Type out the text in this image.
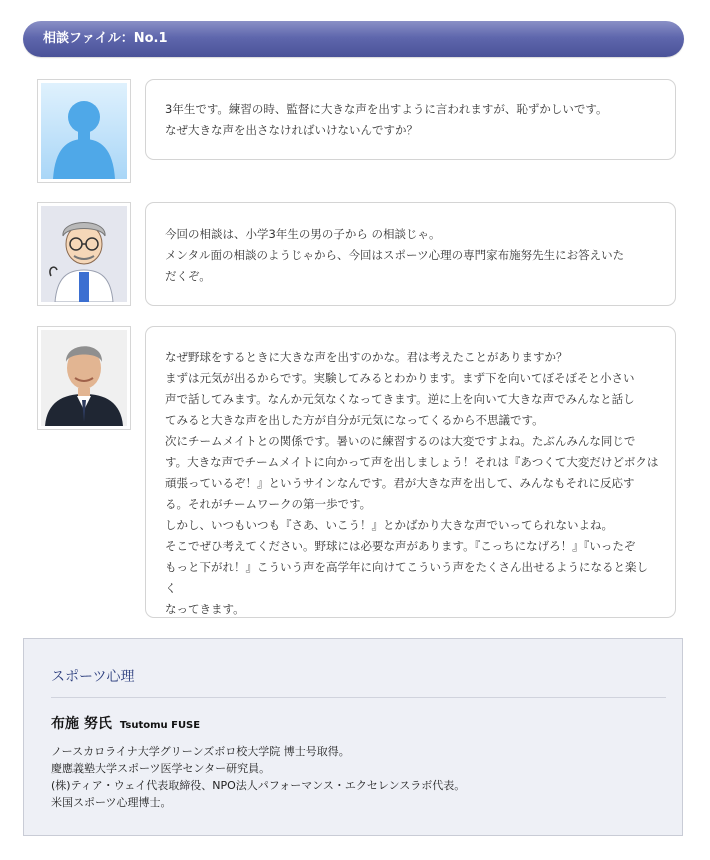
相談ファイル：No.1

3年生です。練習の時、監督に大きな声を出すように言われますが、恥ずかしいです。
なぜ大きな声を出さなければいけないんですか？

今回の相談は、小学3年生の男の子から の相談じゃ。
メンタル面の相談のようじゃから、今回はスポーツ心理の専門家布施努先生にお答えいた
だくぞ。

なぜ野球をするときに大きな声を出すのかな。君は考えたことがありますか？
まずは元気が出るからです。実験してみるとわかります。まず下を向いてぼそぼそと小さい
声で話してみます。なんか元気なくなってきます。逆に上を向いて大きな声でみんなと話し
てみると大きな声を出した方が自分が元気になってくるから不思議です。
次にチームメイトとの関係です。暑いのに練習するのは大変ですよね。たぶんみんな同じで
す。大きな声でチームメイトに向かって声を出しましょう！それは『あつくて大変だけどボクは
頑張っているぞ！』というサインなんです。君が大きな声を出して、みんなもそれに反応す
る。それがチームワークの第一歩です。
しかし、いつもいつも『さあ、いこう！』とかばかり大きな声でいってられないよね。
そこでぜひ考えてください。野球には必要な声があります。『こっちになげろ！』『いったぞ
もっと下がれ！』こういう声を高学年に向けてこういう声をたくさん出せるようになると楽しく
なってきます。

スポーツ心理
布施 努氏 Tsutomu FUSE
ノースカロライナ大学グリーンズボロ校大学院 博士号取得。
慶應義塾大学スポーツ医学センター研究員。
(株)ティア・ウェイ代表取締役、NPO法人パフォーマンス・エクセレンスラボ代表。
米国スポーツ心理博士。
